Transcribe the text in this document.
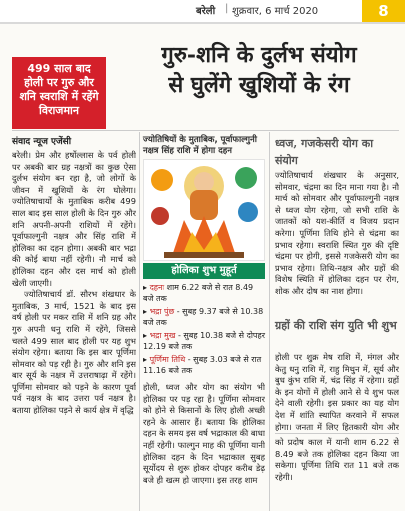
बरेली | शुक्रवार, 6 मार्च 2020	8
499 साल बाद होली पर गुरु और शनि स्वराशि में रहेंगे विराजमान
गुरु-शनि के दुर्लभ संयोग
से घुलेंगे खुशियों के रंग
संवाद न्यूज एजेंसी

बरेली। प्रेम और हर्षोल्लास के पर्व होली पर अबकी बार ग्रह नक्षत्रों का कुछ ऐसा दुर्लभ संयोग बन रहा है, जो लोगों के जीवन में खुशियों के रंग घोलेगा। ज्योतिषाचार्यों के मुताबिक करीब 499 साल बाद इस साल होली के दिन गुरु और शनि अपनी-अपनी राशियों में रहेंगे। पूर्वाफाल्गुनी नक्षत्र और सिंह राशि में होलिका का दहन होगा। अबकी बार भद्रा की कोई बाधा नहीं रहेगी। नौ मार्च को होलिका दहन और दस मार्च को होली खेली जाएगी।

ज्योतिषाचार्य डॉ. सौरभ शंखधार के मुताबिक, 3 मार्च, 1521 के बाद इस वर्ष होली पर मकर राशि में शनि ग्रह और गुरु अपनी धनु राशि में रहेंगे, जिससे चलते 499 साल बाद होली पर यह शुभ संयोग रहेगा। बताया कि इस बार पूर्णिमा सोमवार को पड़ रही है। गुरु और शनि इस बार सूर्य के नक्षत्र में उत्तराषाढ़ा में रहेंगे। पूर्णिमा सोमवार को पड़ने के कारण पूर्वा पर्व नक्षत्र के बाद उत्तरा पर्व नक्षत्र है। बताया होलिका पड़ने से कार्य क्षेत्र में वृद्धि

ज्योतिषियों के मुताबिक, पूर्वाफाल्गुनी नक्षत्र सिंह राशि में होगा दहन
होलिका शुभ मुहूर्त
▸ दहनः शाम 6.22 बजे से रात 8.49 बजे तक
▸ भद्रा पुंछ - सुबह 9.37 बजे से 10.38 बजे तक
▸ भद्रा मुख - सुबह 10.38 बजे से दोपहर 12.19 बजे तक
▸ पूर्णिमा तिथि - सुबह 3.03 बजे से रात 11.16 बजे तक

होली, ध्वज और योग का संयोग भी होलिका पर पड़ रहा है। पूर्णिमा सोमवार को होने से किसानों के लिए होली अच्छी रहने के आसार हैं। बताया कि होलिका दहन के समय इस वर्ष भद्राकाल की बाधा नहीं रहेगी। फाल्गुन माह की पूर्णिमा यानी होलिका दहन के दिन भद्राकाल सुबह सूर्योदय से शुरू होकर दोपहर करीब डेढ़ बजे ही खत्म हो जाएगा। इस तरह शाम

ध्वज, गजकेसरी योग का संयोग

ज्योतिषाचार्य शंखधार के अनुसार, सोमवार, चंद्रमा का दिन माना गया है। नौ मार्च को सोमवार और पूर्वाफाल्गुनी नक्षत्र से ध्वज योग रहेगा, जो सभी राशि के जातकों को यश-कीर्ति व विजय प्रदान करेगा। पूर्णिमा तिथि होने से चंद्रमा का प्रभाव रहेगा। स्वराशि स्थित गुरु की दृष्टि चंद्रमा पर होगी, इससे गजकेसरी योग का प्रभाव रहेगा। तिथि-नक्षत्र और ग्रहों की विशेष स्थिति में होलिका दहन पर रोग, शोक और दोष का नाश होगा।

ग्रहों की राशि संग युति भी शुभ

होली पर शुक्र मेष राशि में, मंगल और केतु धनु राशि में, राहु मिथुन में, सूर्य और बुध कुंभ राशि में, चंद्र सिंह में रहेगा। ग्रहों के इन योगों में होली आने से ये शुभ फल देने वाली रहेगी। इस प्रकार का यह योग देश में शांति स्थापित करवाने में सफल होगा। जनता में लिए हितकारी योग और

को प्रदोष काल में यानी शाम 6.22 से 8.49 बजे तक होलिका दहन किया जा सकेगा। पूर्णिमा तिथि रात 11 बजे तक रहेगी।
